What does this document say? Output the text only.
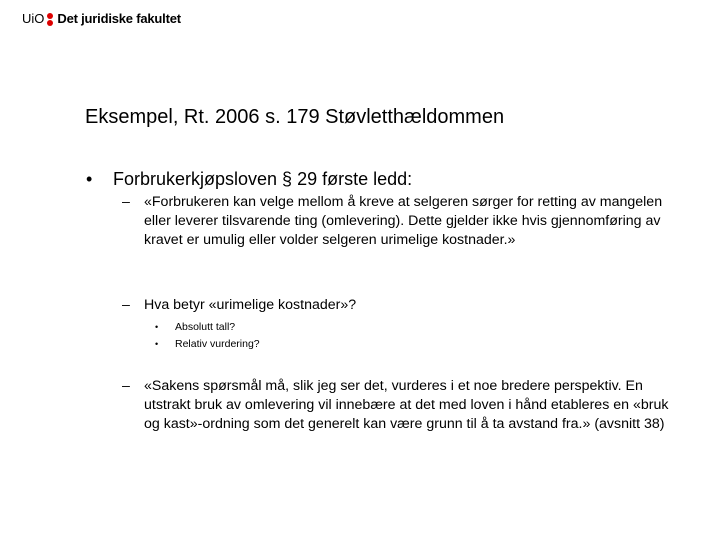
UiO Det juridiske fakultet
Eksempel, Rt. 2006 s. 179 Støvletthældommen
• Forbrukerkjøpsloven § 29 første ledd:
– «Forbrukeren kan velge mellom å kreve at selgeren sørger for retting av mangelen eller leverer tilsvarende ting (omlevering). Dette gjelder ikke hvis gjennomføring av kravet er umulig eller volder selgeren urimelige kostnader.»
– Hva betyr «urimelige kostnader»?
• Absolutt tall?
• Relativ vurdering?
– «Sakens spørsmål må, slik jeg ser det, vurderes i et noe bredere perspektiv. En utstrakt bruk av omlevering vil innebære at det med loven i hånd etableres en «bruk og kast»-ordning som det generelt kan være grunn til å ta avstand fra.» (avsnitt 38)
